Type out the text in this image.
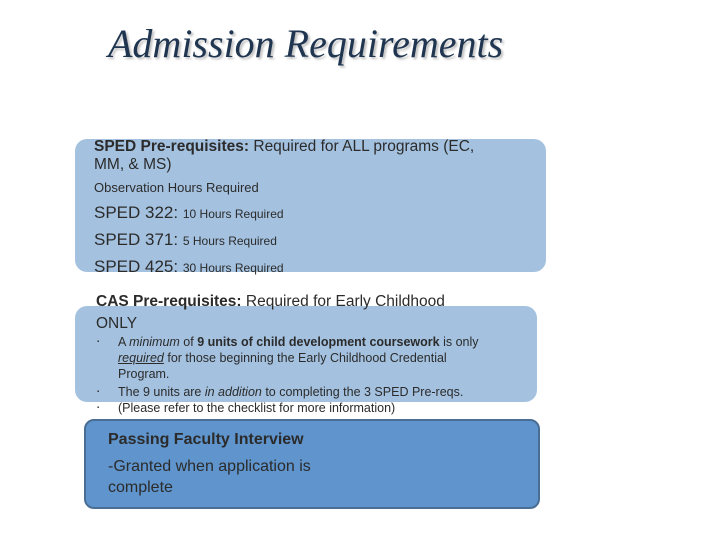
Admission Requirements
SPED Pre-requisites: Required for ALL programs (EC,
MM, & MS)
Observation Hours Required
SPED 322: 10 Hours Required
SPED 371: 5 Hours Required
SPED 425: 30 Hours Required
CAS Pre-requisites: Required for Early Childhood
ONLY
▪ A minimum of 9 units of child development coursework is only
required for those beginning the Early Childhood Credential
Program.
▪ The 9 units are in addition to completing the 3 SPED Pre-reqs.
▪ (Please refer to the checklist for more information)
Passing Faculty Interview
-Granted when application is
complete
